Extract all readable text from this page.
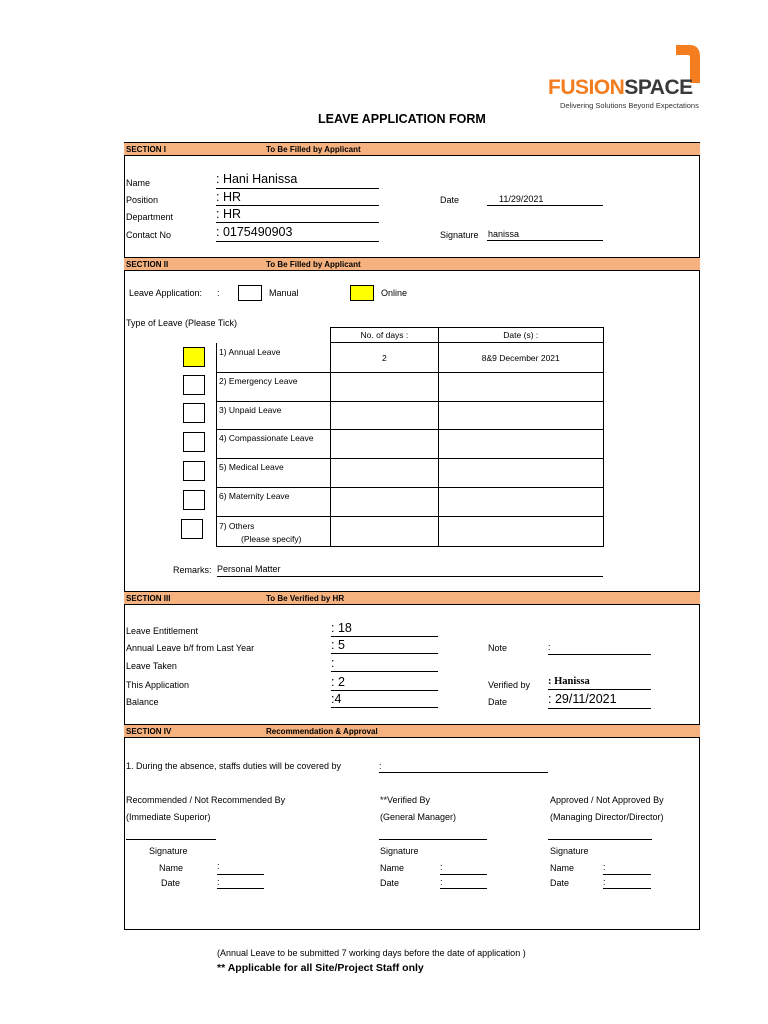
FUSIONSPACE
Delivering Solutions Beyond Expectations
LEAVE APPLICATION FORM
SECTION I	To Be Filled by Applicant
Name	: Hani Hanissa
Position	: HR
Department	: HR
Contact No	: 0175490903
Date	11/29/2021
Signature hanissa
SECTION II	To Be Filled by Applicant
Leave Application: :	Manual	Online
Type of Leave (Please Tick)
	No. of days :	Date (s) :
1) Annual Leave	2	8&9 December 2021
2) Emergency Leave		
3) Unpaid Leave		
4) Compassionate Leave		
5) Medical Leave		
6) Maternity Leave		

7) Others
(Please specify)		

Remarks: Personal Matter
SECTION III	To Be Verified by HR
Leave Entitlement	: 18
Annual Leave b/f from Last Year	: 5
Leave Taken	:
This Application	: 2
Balance	:4
Note	:
Verified by : Hanissa
Date	: 29/11/2021
SECTION IV	Recommendation & Approval
1. During the absence, staffs duties will be covered by	:
Recommended / Not Recommended By
(Immediate Superior)
Signature
Name	:
Date	:
**Verified By
(General Manager)
Signature
Name	:
Date	:
Approved / Not Approved By
(Managing Director/Director)
Signature
Name	:
Date	:
(Annual Leave to be submitted 7 working days before the date of application )
** Applicable for all Site/Project Staff only
